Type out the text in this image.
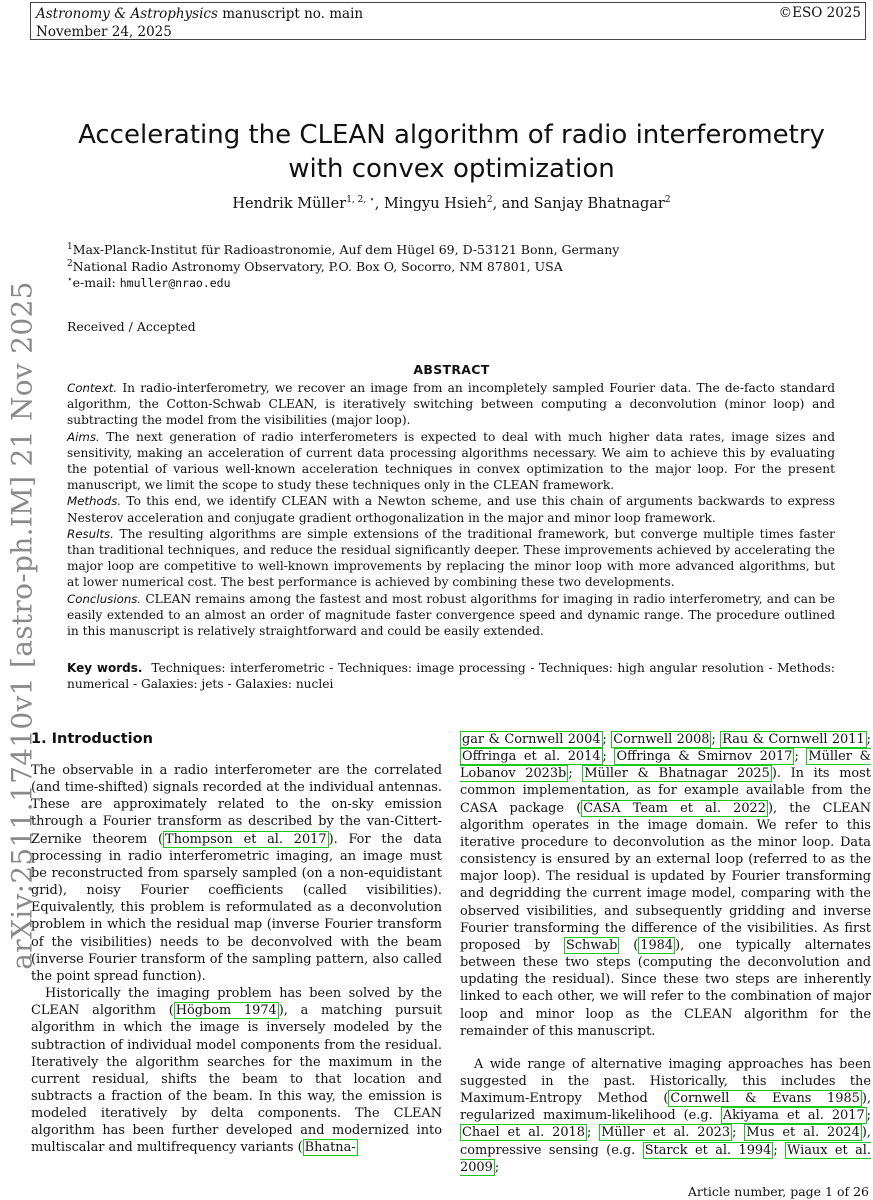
Astronomy & Astrophysics manuscript no. main
November 24, 2025
©ESO 2025
arXiv:2511.17410v1 [astro-ph.IM] 21 Nov 2025
Accelerating the CLEAN algorithm of radio interferometry
with convex optimization
Hendrik Müller$^{1, 2, ⋆}$, Mingyu Hsieh$^2$, and Sanjay Bhatnagar$^2$
$^1$Max-Planck-Institut für Radioastronomie, Auf dem Hügel 69, D-53121 Bonn, Germany
$^2$National Radio Astronomy Observatory, P.O. Box O, Socorro, NM 87801, USA
⋆e-mail: hmuller@nrao.edu
Received / Accepted
ABSTRACT

Context. In radio-interferometry, we recover an image from an incompletely sampled Fourier data. The de-facto standard algorithm, the Cotton-Schwab CLEAN, is iteratively switching between computing a deconvolution (minor loop) and subtracting the model from the visibilities (major loop).

Aims. The next generation of radio interferometers is expected to deal with much higher data rates, image sizes and sensitivity, making an acceleration of current data processing algorithms necessary. We aim to achieve this by evaluating the potential of various well-known acceleration techniques in convex optimization to the major loop. For the present manuscript, we limit the scope to study these techniques only in the CLEAN framework.

Methods. To this end, we identify CLEAN with a Newton scheme, and use this chain of arguments backwards to express Nesterov acceleration and conjugate gradient orthogonalization in the major and minor loop framework.

Results. The resulting algorithms are simple extensions of the traditional framework, but converge multiple times faster than traditional techniques, and reduce the residual significantly deeper. These improvements achieved by accelerating the major loop are competitive to well-known improvements by replacing the minor loop with more advanced algorithms, but at lower numerical cost. The best performance is achieved by combining these two developments.

Conclusions. CLEAN remains among the fastest and most robust algorithms for imaging in radio interferometry, and can be easily extended to an almost an order of magnitude faster convergence speed and dynamic range. The procedure outlined in this manuscript is relatively straightforward and could be easily extended.

Key words. Techniques: interferometric - Techniques: image processing - Techniques: high angular resolution - Methods: numerical - Galaxies: jets - Galaxies: nuclei
1. Introduction

The observable in a radio interferometer are the correlated (and time-shifted) signals recorded at the individual antennas. These are approximately related to the on-sky emission through a Fourier transform as described by the van-Cittert-Zernike theorem ( Thompson et al. 2017 ). For the data processing in radio interferometric imaging, an image must be reconstructed from sparsely sampled (on a non-equidistant grid), noisy Fourier coefficients (called visibilities). Equivalently, this problem is reformulated as a deconvolution problem in which the residual map (inverse Fourier transform of the visibilities) needs to be deconvolved with the beam (inverse Fourier transform of the sampling pattern, also called the point spread function).

Historically the imaging problem has been solved by the CLEAN algorithm ( Högbom 1974 ), a matching pursuit algorithm in which the image is inversely modeled by the subtraction of individual model components from the residual. Iteratively the algorithm searches for the maximum in the current residual, shifts the beam to that location and subtracts a fraction of the beam. In this way, the emission is modeled iteratively by delta components. The CLEAN algorithm has been further developed and modernized into multiscalar and multifrequency variants ( Bhatna-

gar & Cornwell 2004 ; Cornwell 2008 ; Rau & Cornwell 2011 ; Offringa et al. 2014 ; Offringa & Smirnov 2017 ; Müller & Lobanov 2023b ; Müller & Bhatnagar 2025 ). In its most common implementation, as for example available from the CASA package ( CASA Team et al. 2022 ), the CLEAN algorithm operates in the image domain. We refer to this iterative procedure to deconvolution as the minor loop. Data consistency is ensured by an external loop (referred to as the major loop). The residual is updated by Fourier transforming and degridding the current image model, comparing with the observed visibilities, and subsequently gridding and inverse Fourier transforming the difference of the visibilities. As first proposed by Schwab ( 1984 ), one typically alternates between these two steps (computing the deconvolution and updating the residual). Since these two steps are inherently linked to each other, we will refer to the combination of major loop and minor loop as the CLEAN algorithm for the remainder of this manuscript.

A wide range of alternative imaging approaches has been suggested in the past. Historically, this includes the Maximum-Entropy Method ( Cornwell & Evans 1985 ), regularized maximum-likelihood (e.g. Akiyama et al. 2017 ; Chael et al. 2018 ; Müller et al. 2023 ; Mus et al. 2024 ), compressive sensing (e.g. Starck et al. 1994 ; Wiaux et al. 2009 ;

Article number, page 1 of 26
